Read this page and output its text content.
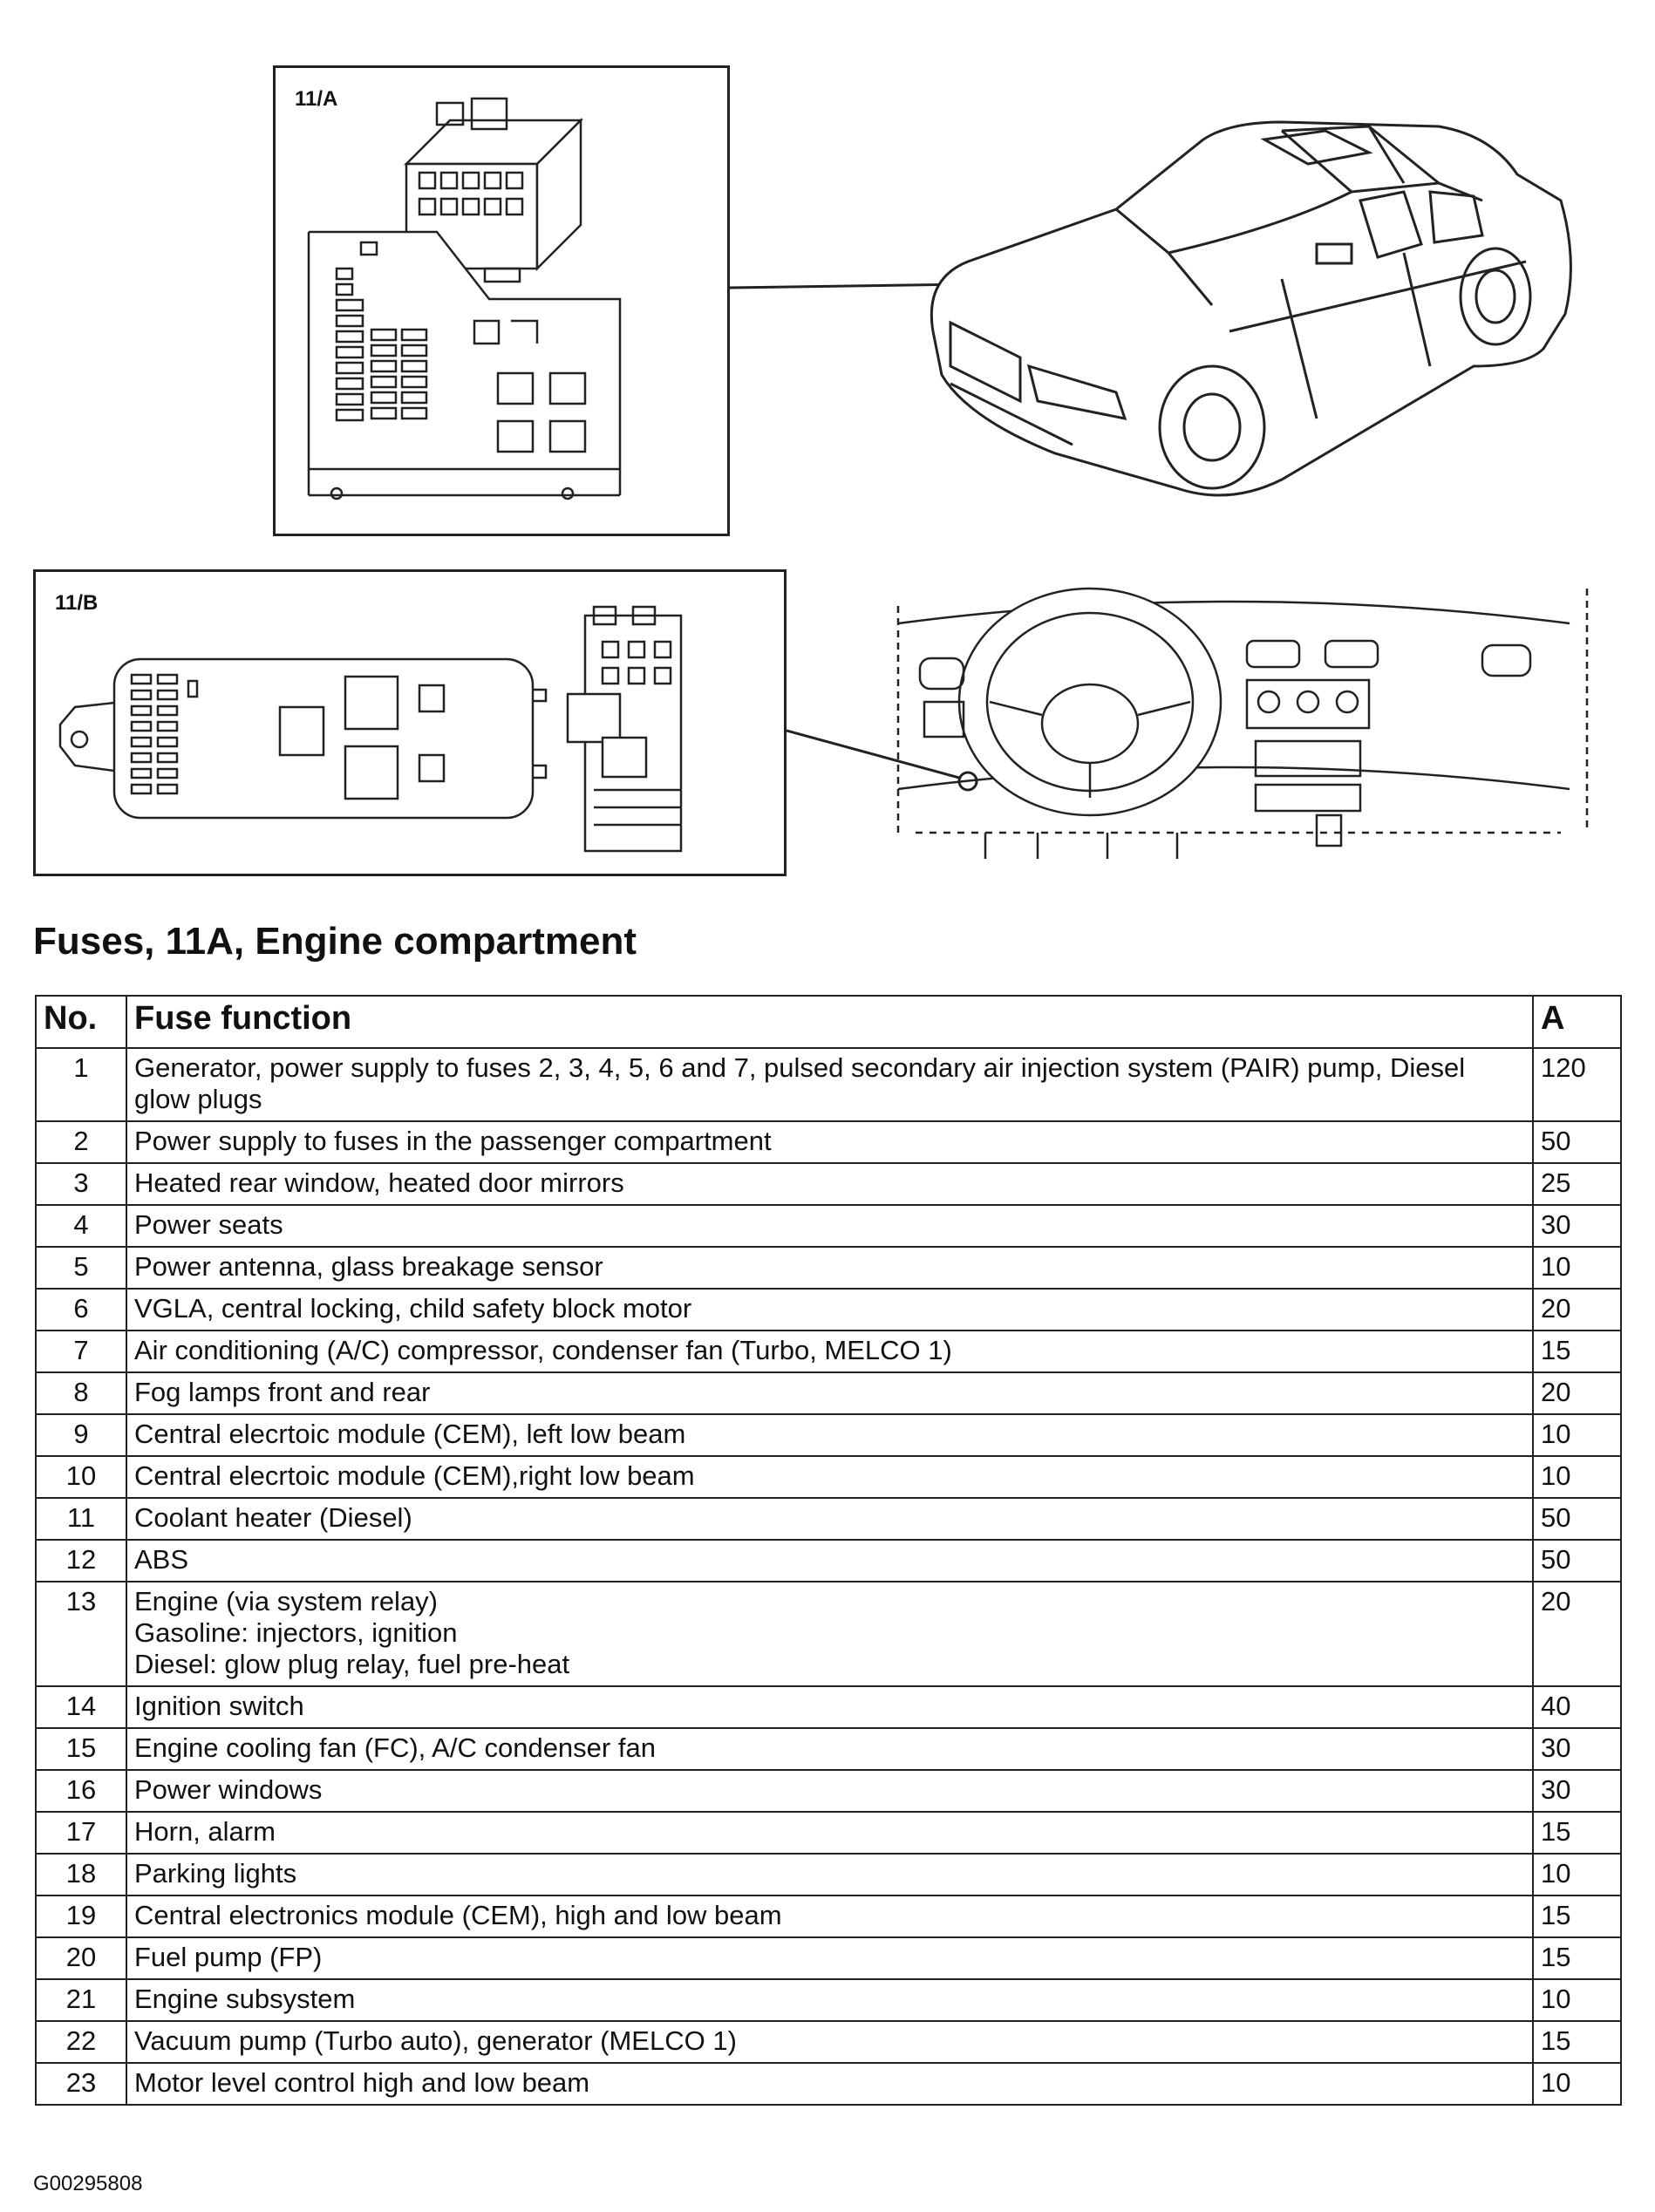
11/A
11/B
Fuses, 11A, Engine compartment
No.	Fuse function	A
1	Generator, power supply to fuses 2, 3, 4, 5, 6 and 7, pulsed secondary air injection system (PAIR) pump, Diesel glow plugs	120
2	Power supply to fuses in the passenger compartment	50
3	Heated rear window, heated door mirrors	25
4	Power seats	30
5	Power antenna, glass breakage sensor	10
6	VGLA, central locking, child safety block motor	20
7	Air conditioning (A/C) compressor, condenser fan (Turbo, MELCO 1)	15
8	Fog lamps front and rear	20
9	Central elecrtoic module (CEM), left low beam	10
10	Central elecrtoic module (CEM),right low beam	10
11	Coolant heater (Diesel)	50
12	ABS	50
13	Engine (via system relay)
Gasoline: injectors, ignition
Diesel: glow plug relay, fuel pre-heat	20
14	Ignition switch	40
15	Engine cooling fan (FC), A/C condenser fan	30
16	Power windows	30
17	Horn, alarm	15
18	Parking lights	10
19	Central electronics module (CEM), high and low beam	15
20	Fuel pump (FP)	15
21	Engine subsystem	10
22	Vacuum pump (Turbo auto), generator (MELCO 1)	15
23	Motor level control high and low beam	10
G00295808
